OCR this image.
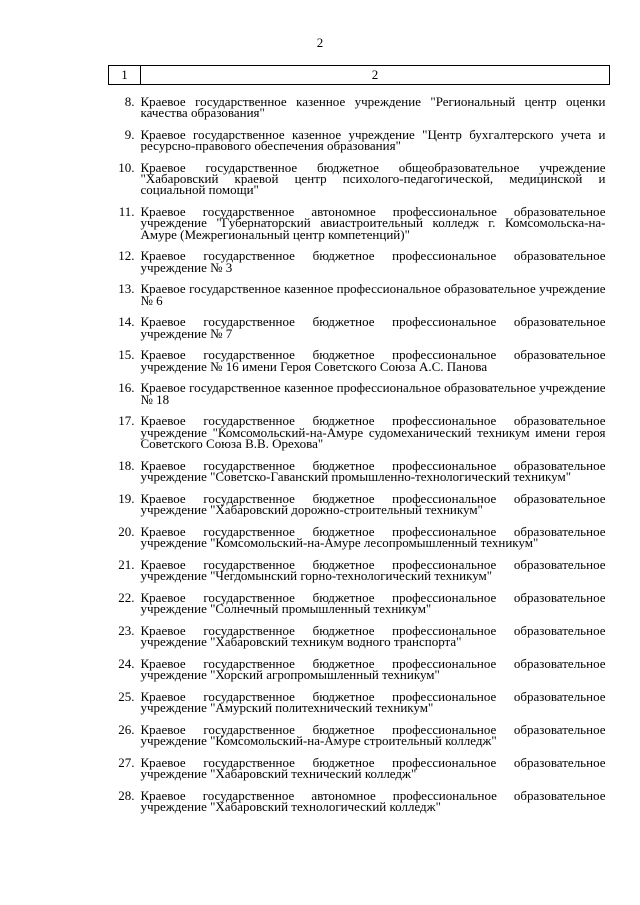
2
1	2
8.	Краевое государственное казенное учреждение "Региональный центр оценки качества образования"
9.	Краевое государственное казенное учреждение "Центр бухгалтерского учета и ресурсно-правового обеспечения образования"
10.	Краевое государственное бюджетное общеобразовательное учреждение "Хабаровский краевой центр психолого-педагогической, медицинской и социальной помощи"
11.	Краевое государственное автономное профессиональное образовательное учреждение "Губернаторский авиастроительный колледж г. Комсомольска-на-Амуре (Межрегиональный центр компетенций)"
12.	Краевое государственное бюджетное профессиональное образовательное учреждение № 3
13.	Краевое государственное казенное профессиональное образовательное учреждение № 6
14.	Краевое государственное бюджетное профессиональное образовательное учреждение № 7
15.	Краевое государственное бюджетное профессиональное образовательное учреждение № 16 имени Героя Советского Союза А.С. Панова
16.	Краевое государственное казенное профессиональное образовательное учреждение № 18
17.	Краевое государственное бюджетное профессиональное образовательное учреждение "Комсомольский-на-Амуре судомеханический техникум имени героя Советского Союза В.В. Орехова"
18.	Краевое государственное бюджетное профессиональное образовательное учреждение "Советско-Гаванский промышленно-технологический техникум"
19.	Краевое государственное бюджетное профессиональное образовательное учреждение "Хабаровский дорожно-строительный техникум"
20.	Краевое государственное бюджетное профессиональное образовательное учреждение "Комсомольский-на-Амуре лесопромышленный техникум"
21.	Краевое государственное бюджетное профессиональное образовательное учреждение "Чегдомынский горно-технологический техникум"
22.	Краевое государственное бюджетное профессиональное образовательное учреждение "Солнечный промышленный техникум"
23.	Краевое государственное бюджетное профессиональное образовательное учреждение "Хабаровский техникум водного транспорта"
24.	Краевое государственное бюджетное профессиональное образовательное учреждение "Хорский агропромышленный техникум"
25.	Краевое государственное бюджетное профессиональное образовательное учреждение "Амурский политехнический техникум"
26.	Краевое государственное бюджетное профессиональное образовательное учреждение "Комсомольский-на-Амуре строительный колледж"
27.	Краевое государственное бюджетное профессиональное образовательное учреждение "Хабаровский технический колледж"
28.	Краевое государственное автономное профессиональное образовательное учреждение "Хабаровский технологический колледж"
